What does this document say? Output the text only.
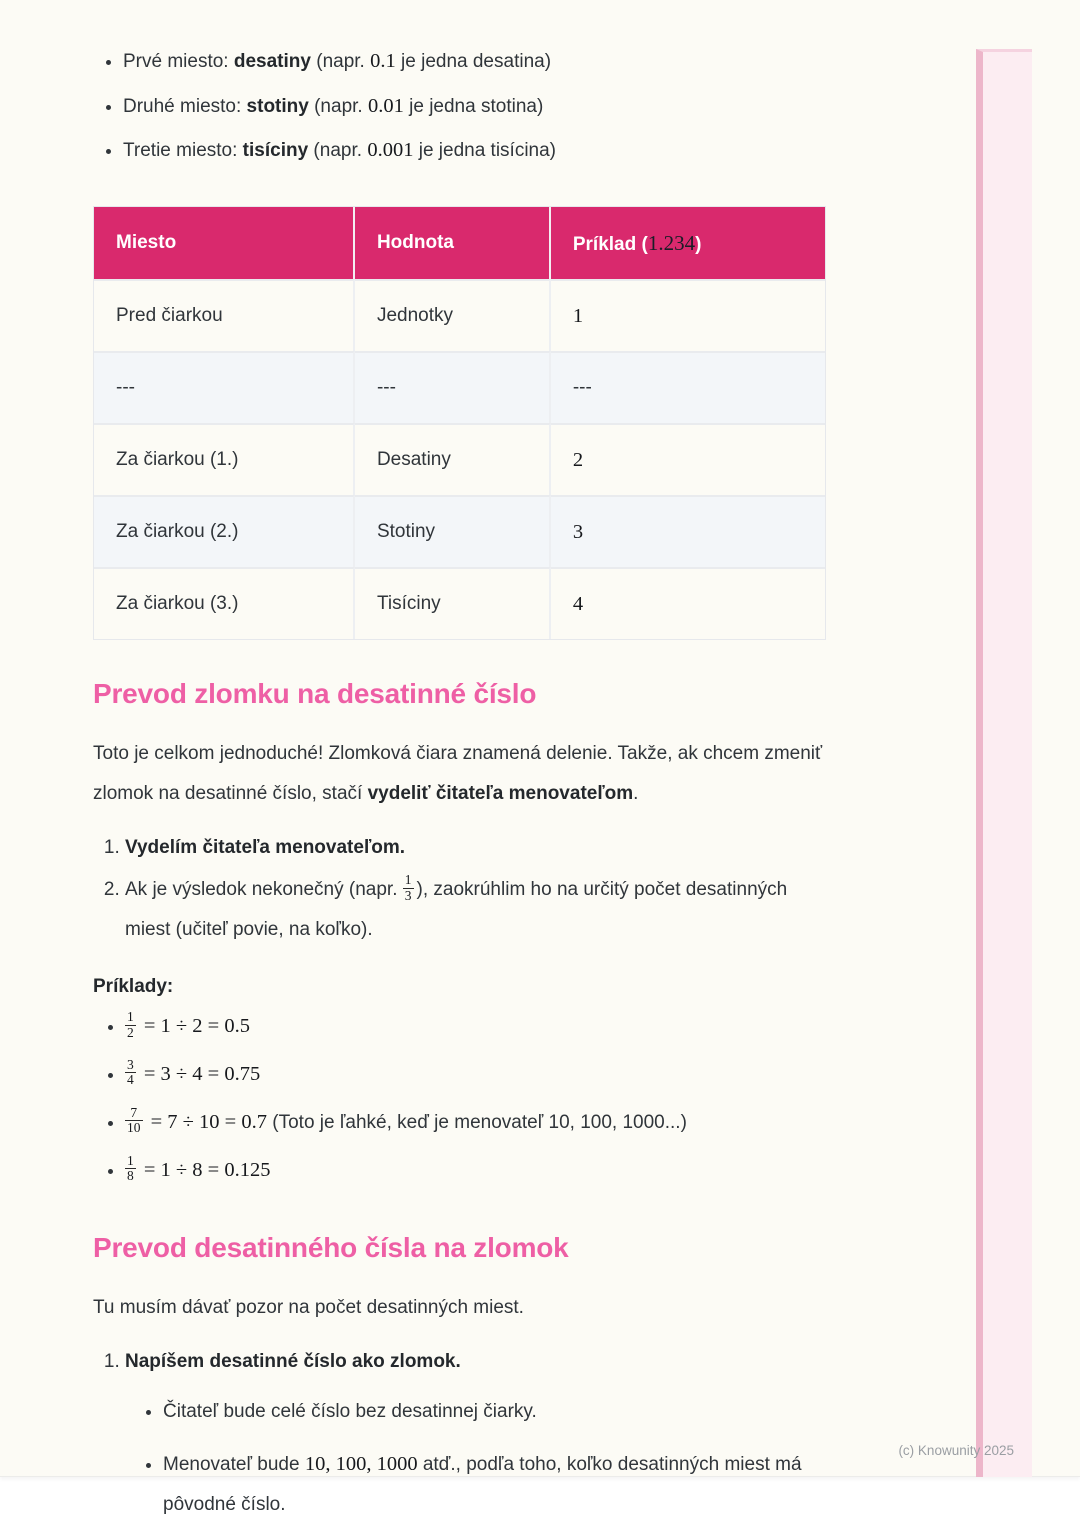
• Prvé miesto: desatiny (napr. 0.1 je jedna desatina)
• Druhé miesto: stotiny (napr. 0.01 je jedna stotina)
• Tretie miesto: tisíciny (napr. 0.001 je jedna tisícina)
Miesto	Hodnota	Príklad (1.234)
Pred čiarkou	Jednotky	1
---	---	---
Za čiarkou (1.)	Desatiny	2
Za čiarkou (2.)	Stotiny	3
Za čiarkou (3.)	Tisíciny	4
Prevod zlomku na desatinné číslo

Toto je celkom jednoduché! Zlomková čiara znamená delenie. Takže, ak chcem zmeniť zlomok na desatinné číslo, stačí vydeliť čitateľa menovateľom.

1. Vydelím čitateľa menovateľom.
2. Ak je výsledok nekonečný (napr. $\frac{1}{3}$ ), zaokrúhlim ho na určitý počet desatinných miest (učiteľ povie, na koľko).

Príklady:

• $\frac{1}{2} = 1 \div 2 = 0.5$
• $\frac{3}{4} = 3 \div 4 = 0.75$
• $\frac{7}{10} = 7 \div 10 = 0.7$ (Toto je ľahké, keď je menovateľ 10, 100, 1000...)
• $\frac{1}{8} = 1 \div 8 = 0.125$
Prevod desatinného čísla na zlomok

Tu musím dávať pozor na počet desatinných miest.

1. Napíšem desatinné číslo ako zlomok.
• Čitateľ bude celé číslo bez desatinnej čiarky.
• Menovateľ bude 10, 100, 1000 atď., podľa toho, koľko desatinných miest má pôvodné číslo.
(c) Knowunity 2025
